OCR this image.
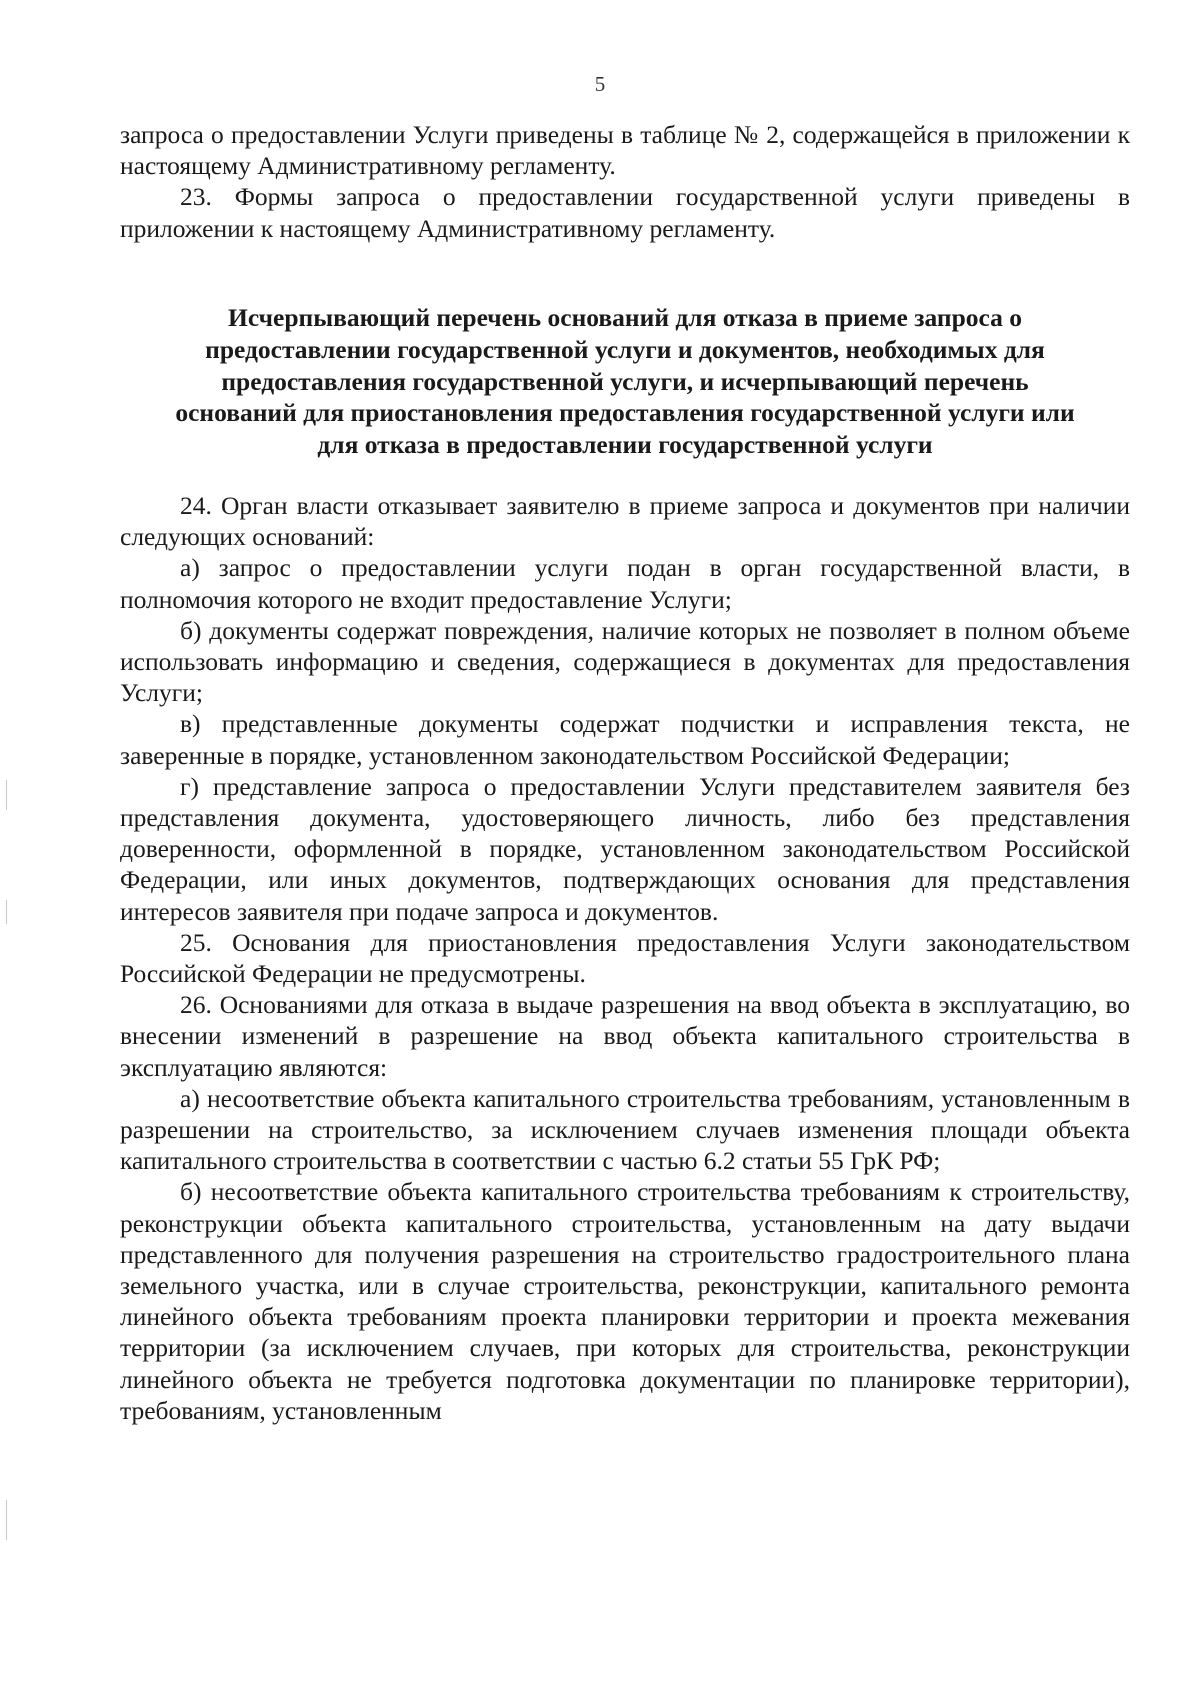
5

запроса о предоставлении Услуги приведены в таблице № 2, содержащейся в приложении к настоящему Административному регламенту.

23. Формы запроса о предоставлении государственной услуги приведены в приложении к настоящему Административному регламенту.

Исчерпывающий перечень оснований для отказа в приеме запроса о
предоставлении государственной услуги и документов, необходимых для
предоставления государственной услуги, и исчерпывающий перечень
оснований для приостановления предоставления государственной услуги или
для отказа в предоставлении государственной услуги

24. Орган власти отказывает заявителю в приеме запроса и документов при наличии следующих оснований:

а) запрос о предоставлении услуги подан в орган государственной власти, в полномочия которого не входит предоставление Услуги;

б) документы содержат повреждения, наличие которых не позволяет в полном объеме использовать информацию и сведения, содержащиеся в документах для предоставления Услуги;

в) представленные документы содержат подчистки и исправления текста, не заверенные в порядке, установленном законодательством Российской Федерации;

г) представление запроса о предоставлении Услуги представителем заявителя без представления документа, удостоверяющего личность, либо без представления доверенности, оформленной в порядке, установленном законодательством Российской Федерации, или иных документов, подтверждающих основания для представления интересов заявителя при подаче запроса и документов.

25. Основания для приостановления предоставления Услуги законодательством Российской Федерации не предусмотрены.

26. Основаниями для отказа в выдаче разрешения на ввод объекта в эксплуатацию, во внесении изменений в разрешение на ввод объекта капитального строительства в эксплуатацию являются:

а) несоответствие объекта капитального строительства требованиям, установленным в разрешении на строительство, за исключением случаев изменения площади объекта капитального строительства в соответствии с частью 6.2 статьи 55 ГрК РФ;

б) несоответствие объекта капитального строительства требованиям к строительству, реконструкции объекта капитального строительства, установленным на дату выдачи представленного для получения разрешения на строительство градостроительного плана земельного участка, или в случае строительства, реконструкции, капитального ремонта линейного объекта требованиям проекта планировки территории и проекта межевания территории (за исключением случаев, при которых для строительства, реконструкции линейного объекта не требуется подготовка документации по планировке территории), требованиям, установленным
